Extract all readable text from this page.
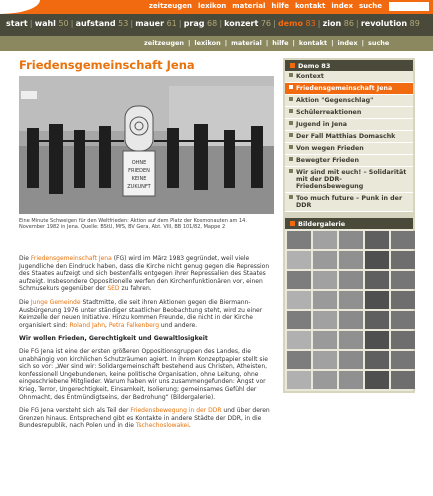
zeitzeugen lexikon material hilfe kontakt index suche
start | wahl 50 | aufstand 53 | mauer 61 | prag 68 | konzert 76 | demo 83 | zion 86 | revolution 89
zeitzeugen | lexikon | material | hilfe | kontakt | index | suche
Friedensgemeinschaft Jena
OHNE
FRIEDEN
KEINE
ZUKUNFT
Eine Minute Schweigen für den Weltfrieden: Aktion auf dem Platz der Kosmonauten am 14. November 1982 in Jena. Quelle: BStU, MfS, BV Gera, Abt. VIII, BB 101/82, Mappe 2

Die Friedensgemeinschaft Jena (FG) wird im März 1983 gegründet, weil viele Jugendliche den Eindruck haben, dass die Kirche nicht genug gegen die Repression des Staates aufzeigt und sich bestenfalls entgegen ihrer Repressalien des Staates aufzeigt. Insbesondere Oppositionelle werfen den Kirchenfunktionären vor, einen Schmusekurs gegenüber der SED zu fahren.

Die Junge Gemeinde Stadtmitte, die seit ihren Aktionen gegen die Biermann-Ausbürgerung 1976 unter ständiger staatlicher Beobachtung steht, wird zu einer Keimzelle der neuen Initiative. Hinzu kommen Freunde, die nicht in der Kirche organisiert sind: Roland Jahn, Petra Falkenberg und andere.

Wir wollen Frieden, Gerechtigkeit und Gewaltlosigkeit

Die FG Jena ist eine der ersten größeren Oppositionsgruppen des Landes, die unabhängig von kirchlichen Schutzräumen agiert. In ihrem Konzeptpapier stellt sie sich so vor: „Wer sind wir: Solidargemeinschaft bestehend aus Christen, Atheisten, konfessionell Ungebundenen, keine politische Organisation, ohne Leitung, ohne eingeschriebene Mitglieder. Warum haben wir uns zusammengefunden: Angst vor Krieg, Terror, Ungerechtigkeit, Einsamkeit, Isolierung; gemeinsames Gefühl der Ohnmacht, des Entmündigtseins, der Bedrohung“ (Bildergalerie).

Die FG Jena versteht sich als Teil der Friedensbewegung in der DDR und über deren Grenzen hinaus. Entsprechend gibt es Kontakte in andere Städte der DDR, in die Bundesrepublik, nach Polen und in die Tschechoslowakei.

Demo 83
Kontext
Friedensgemeinschaft Jena
Aktion "Gegenschlag"
Schülerreaktionen
Jugend in Jena
Der Fall Matthias Domaschk
Von wegen Frieden
Bewegter Frieden
Wir sind mit euch! – Solidarität mit der DDR-Friedensbewegung
Too much future – Punk in der DDR
Bildergalerie
